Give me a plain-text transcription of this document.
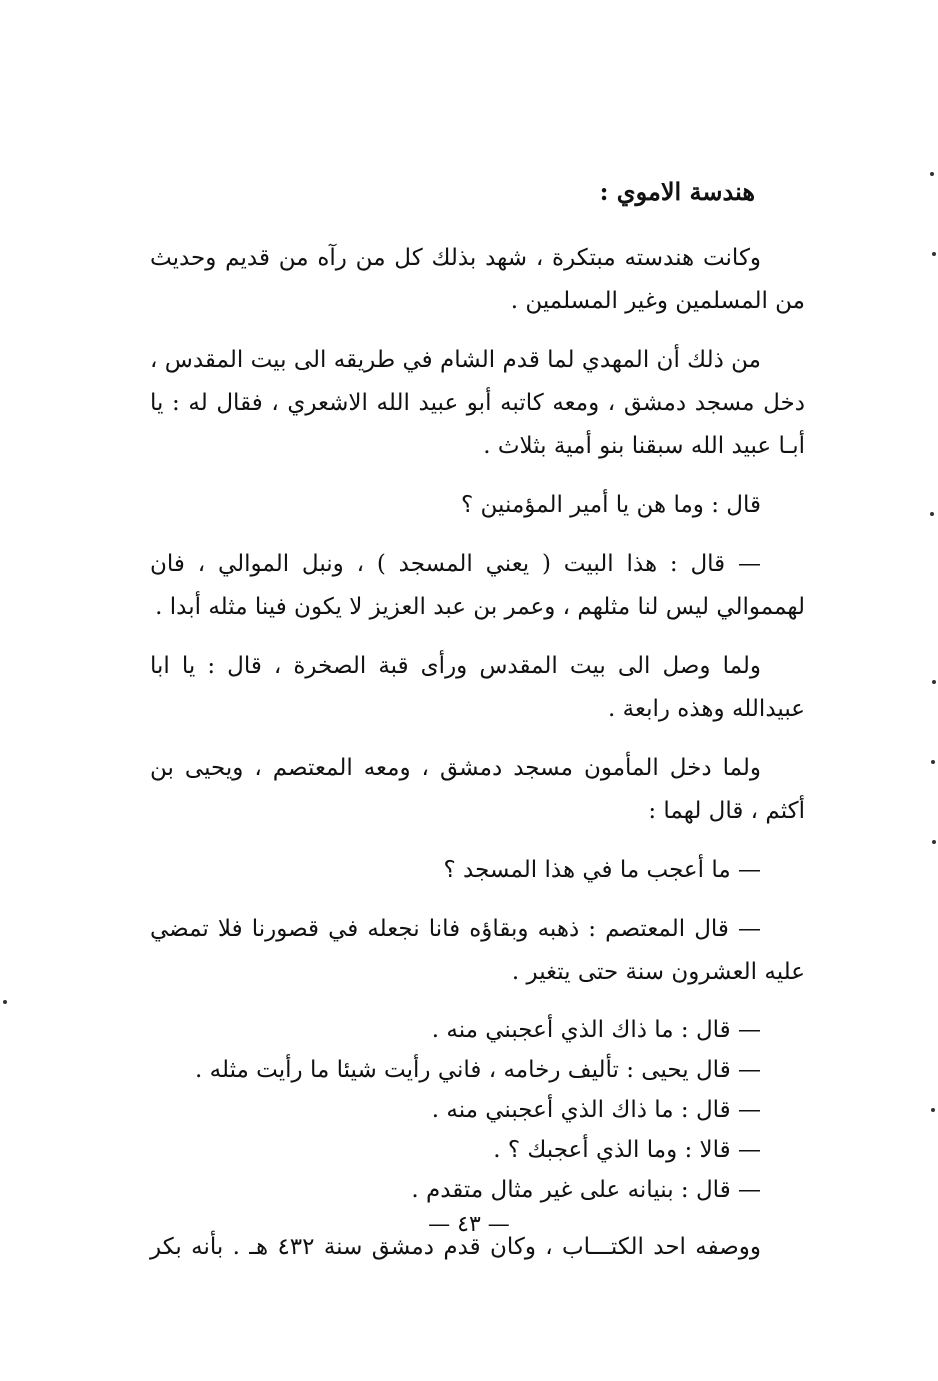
هندسة الاموي :

وكانت هندسته مبتكرة ، شهد بذلك كل من رآه من قديم وحديث من المسلمين وغير المسلمين .

من ذلك أن المهدي لما قدم الشام في طريقه الى بيت المقدس ، دخل مسجد دمشق ، ومعه كاتبه أبو عبيد الله الاشعري ، فقال له : يا أبـا عبيد الله سبقنا بنو أمية بثلاث .

قال : وما هن يا أمير المؤمنين ؟

— قال : هذا البيت ( يعني المسجد ) ، ونبل الموالي ، فان لهمموالي ليس لنا مثلهم ، وعمر بن عبد العزيز لا يكون فينا مثله أبدا .

ولما وصل الى بيت المقدس ورأى قبة الصخرة ، قال : يا ابا عبيدالله وهذه رابعة .

ولما دخل المأمون مسجد دمشق ، ومعه المعتصم ، ويحيى بن أكثم ، قال لهما :

— ما أعجب ما في هذا المسجد ؟

— قال المعتصم : ذهبه وبقاؤه فانا نجعله في قصورنا فلا تمضي عليه العشرون سنة حتى يتغير .

— قال : ما ذاك الذي أعجبني منه .

— قال يحيى : تأليف رخامه ، فاني رأيت شيئا ما رأيت مثله .

— قال : ما ذاك الذي أعجبني منه .

— قالا : وما الذي أعجبك ؟ .

— قال : بنيانه على غير مثال متقدم .

ووصفه احد الكتـــاب ، وكان قدم دمشق سنة ٤٣٢ هـ . بأنه بكر

— ٤٣ —
